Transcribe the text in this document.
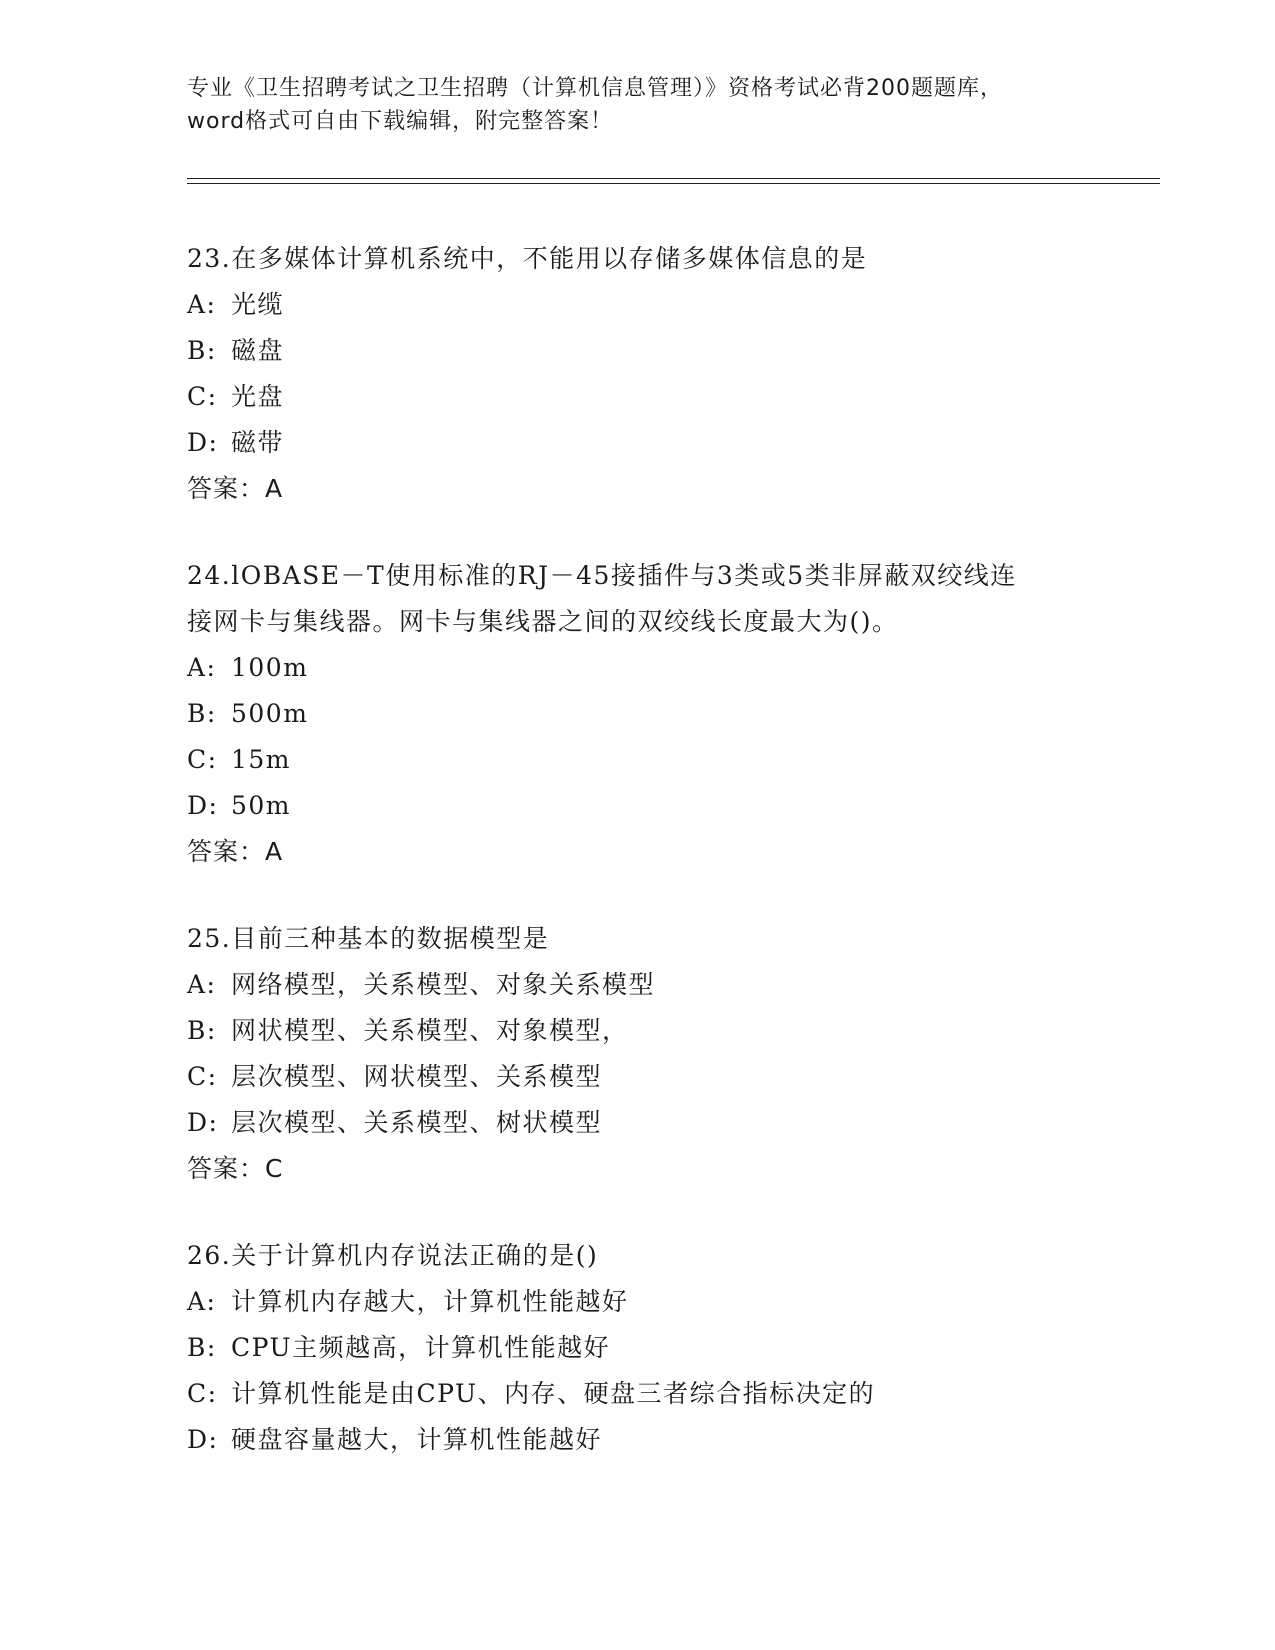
专业《卫生招聘考试之卫生招聘（计算机信息管理）》资格考试必背200题题库，
word格式可自由下载编辑，附完整答案！
23.在多媒体计算机系统中，不能用以存储多媒体信息的是
A: 光缆
B: 磁盘
C: 光盘
D: 磁带
答案：A
24.lOBASE－T使用标准的RJ－45接插件与3类或5类非屏蔽双绞线连
接网卡与集线器。网卡与集线器之间的双绞线长度最大为()。
A: 100m
B: 500m
C: 15m
D: 50m
答案：A
25.目前三种基本的数据模型是
A: 网络模型，关系模型、对象关系模型
B: 网状模型、关系模型、对象模型，
C: 层次模型、网状模型、关系模型
D: 层次模型、关系模型、树状模型
答案：C
26.关于计算机内存说法正确的是()
A: 计算机内存越大，计算机性能越好
B: CPU主频越高，计算机性能越好
C: 计算机性能是由CPU、内存、硬盘三者综合指标决定的
D: 硬盘容量越大，计算机性能越好
